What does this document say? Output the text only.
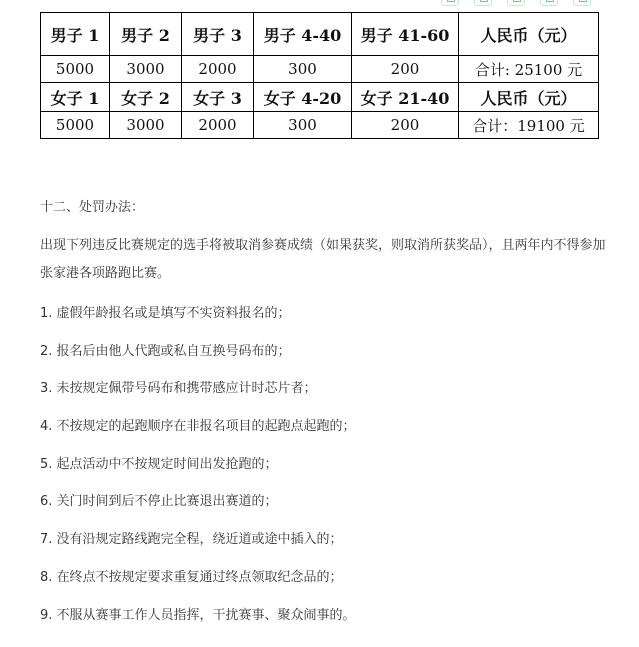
男子 1	男子 2	男子 3	男子 4-40	男子 41-60	人民币（元）
5000	3000	2000	300	200	合计: 25100 元
女子 1	女子 2	女子 3	女子 4-20	女子 21-40	人民币（元）
5000	3000	2000	300	200	合计：19100 元
十二、处罚办法：

出现下列违反比赛规定的选手将被取消参赛成绩（如果获奖，则取消所获奖品），且两年内不得参加张家港各项路跑比赛。

1. 虚假年龄报名或是填写不实资料报名的；
2. 报名后由他人代跑或私自互换号码布的；
3. 未按规定佩带号码布和携带感应计时芯片者；
4. 不按规定的起跑顺序在非报名项目的起跑点起跑的；
5. 起点活动中不按规定时间出发抢跑的；
6. 关门时间到后不停止比赛退出赛道的；
7. 没有沿规定路线跑完全程，绕近道或途中插入的；
8. 在终点不按规定要求重复通过终点领取纪念品的；
9. 不服从赛事工作人员指挥，干扰赛事、聚众闹事的。
